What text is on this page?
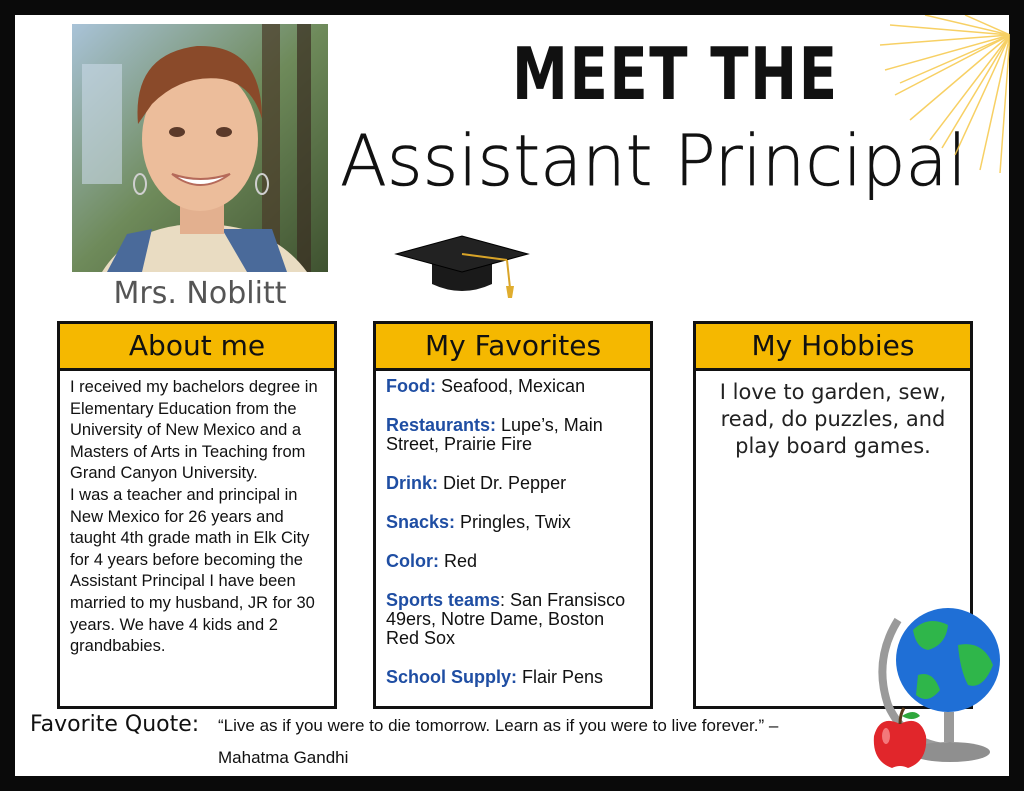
Mrs. Noblitt
MEET THE
Assistant Principal
About me
I received my bachelors degree in Elementary Education from the University of New Mexico and a Masters of Arts in Teaching from Grand Canyon University.
I was a teacher and principal in New Mexico for 26 years and taught 4th grade math in Elk City for 4 years before becoming the Assistant Principal I have been married to my husband, JR for 30 years. We have 4 kids and 2 grandbabies.
My Favorites
Food: Seafood, Mexican
Restaurants: Lupe’s, Main Street, Prairie Fire
Drink: Diet Dr. Pepper
Snacks: Pringles, Twix
Color: Red
Sports teams: San Fransisco 49ers, Notre Dame, Boston Red Sox
School Supply: Flair Pens
My Hobbies
I love to garden, sew, read, do puzzles, and play board games.
Favorite Quote: “Live as if you were to die tomorrow. Learn as if you were to live forever.” –
Mahatma Gandhi
